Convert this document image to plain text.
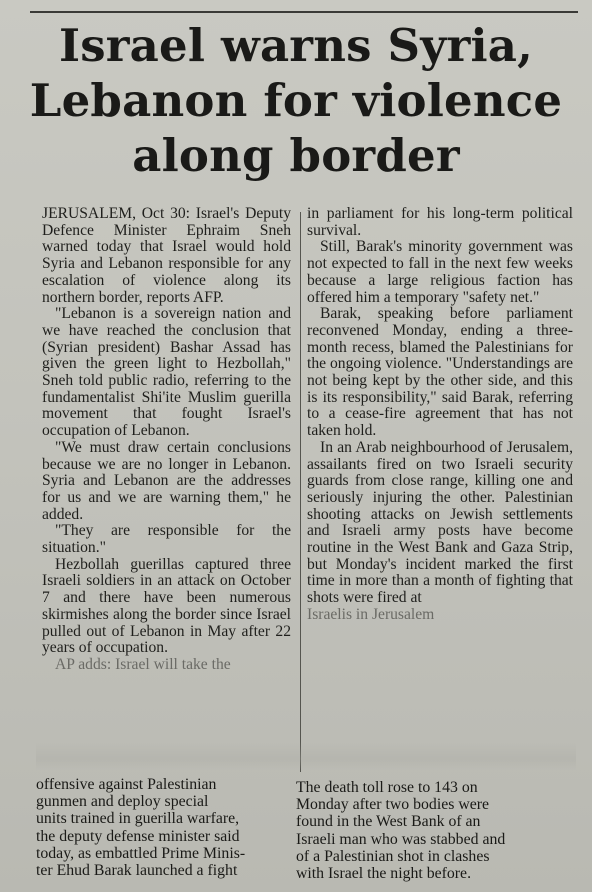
Israel warns Syria,
Lebanon for violence
along border

JERUSALEM, Oct 30: Israel's Deputy Defence Minister Ephraim Sneh warned today that Israel would hold Syria and Lebanon responsible for any escalation of violence along its northern border, reports AFP.

"Lebanon is a sovereign nation and we have reached the conclusion that (Syrian president) Bashar Assad has given the green light to Hezbollah," Sneh told public radio, referring to the fundamentalist Shi'ite Muslim guerilla movement that fought Israel's occupation of Lebanon.

"We must draw certain conclusions because we are no longer in Lebanon. Syria and Lebanon are the addresses for us and we are warning them," he added.

"They are responsible for the situation."

Hezbollah guerillas captured three Israeli soldiers in an attack on October 7 and there have been numerous skirmishes along the border since Israel pulled out of Lebanon in May after 22 years of occupation.

AP adds: Israel will take the

in parliament for his long-term political survival.

Still, Barak's minority government was not expected to fall in the next few weeks because a large religious faction has offered him a temporary "safety net."

Barak, speaking before parliament reconvened Monday, ending a three-month recess, blamed the Palestinians for the ongoing violence. "Understandings are not being kept by the other side, and this is its responsibility," said Barak, referring to a cease-fire agreement that has not taken hold.

In an Arab neighbourhood of Jerusalem, assailants fired on two Israeli security guards from close range, killing one and seriously injuring the other. Palestinian shooting attacks on Jewish settlements and Israeli army posts have become routine in the West Bank and Gaza Strip, but Monday's incident marked the first time in more than a month of fighting that shots were fired at

Israelis in Jerusalem

offensive against Palestinian

gunmen and deploy special

units trained in guerilla warfare,

the deputy defense minister said

today, as embattled Prime Minis-

ter Ehud Barak launched a fight

The death toll rose to 143 on

Monday after two bodies were

found in the West Bank of an

Israeli man who was stabbed and

of a Palestinian shot in clashes

with Israel the night before.
